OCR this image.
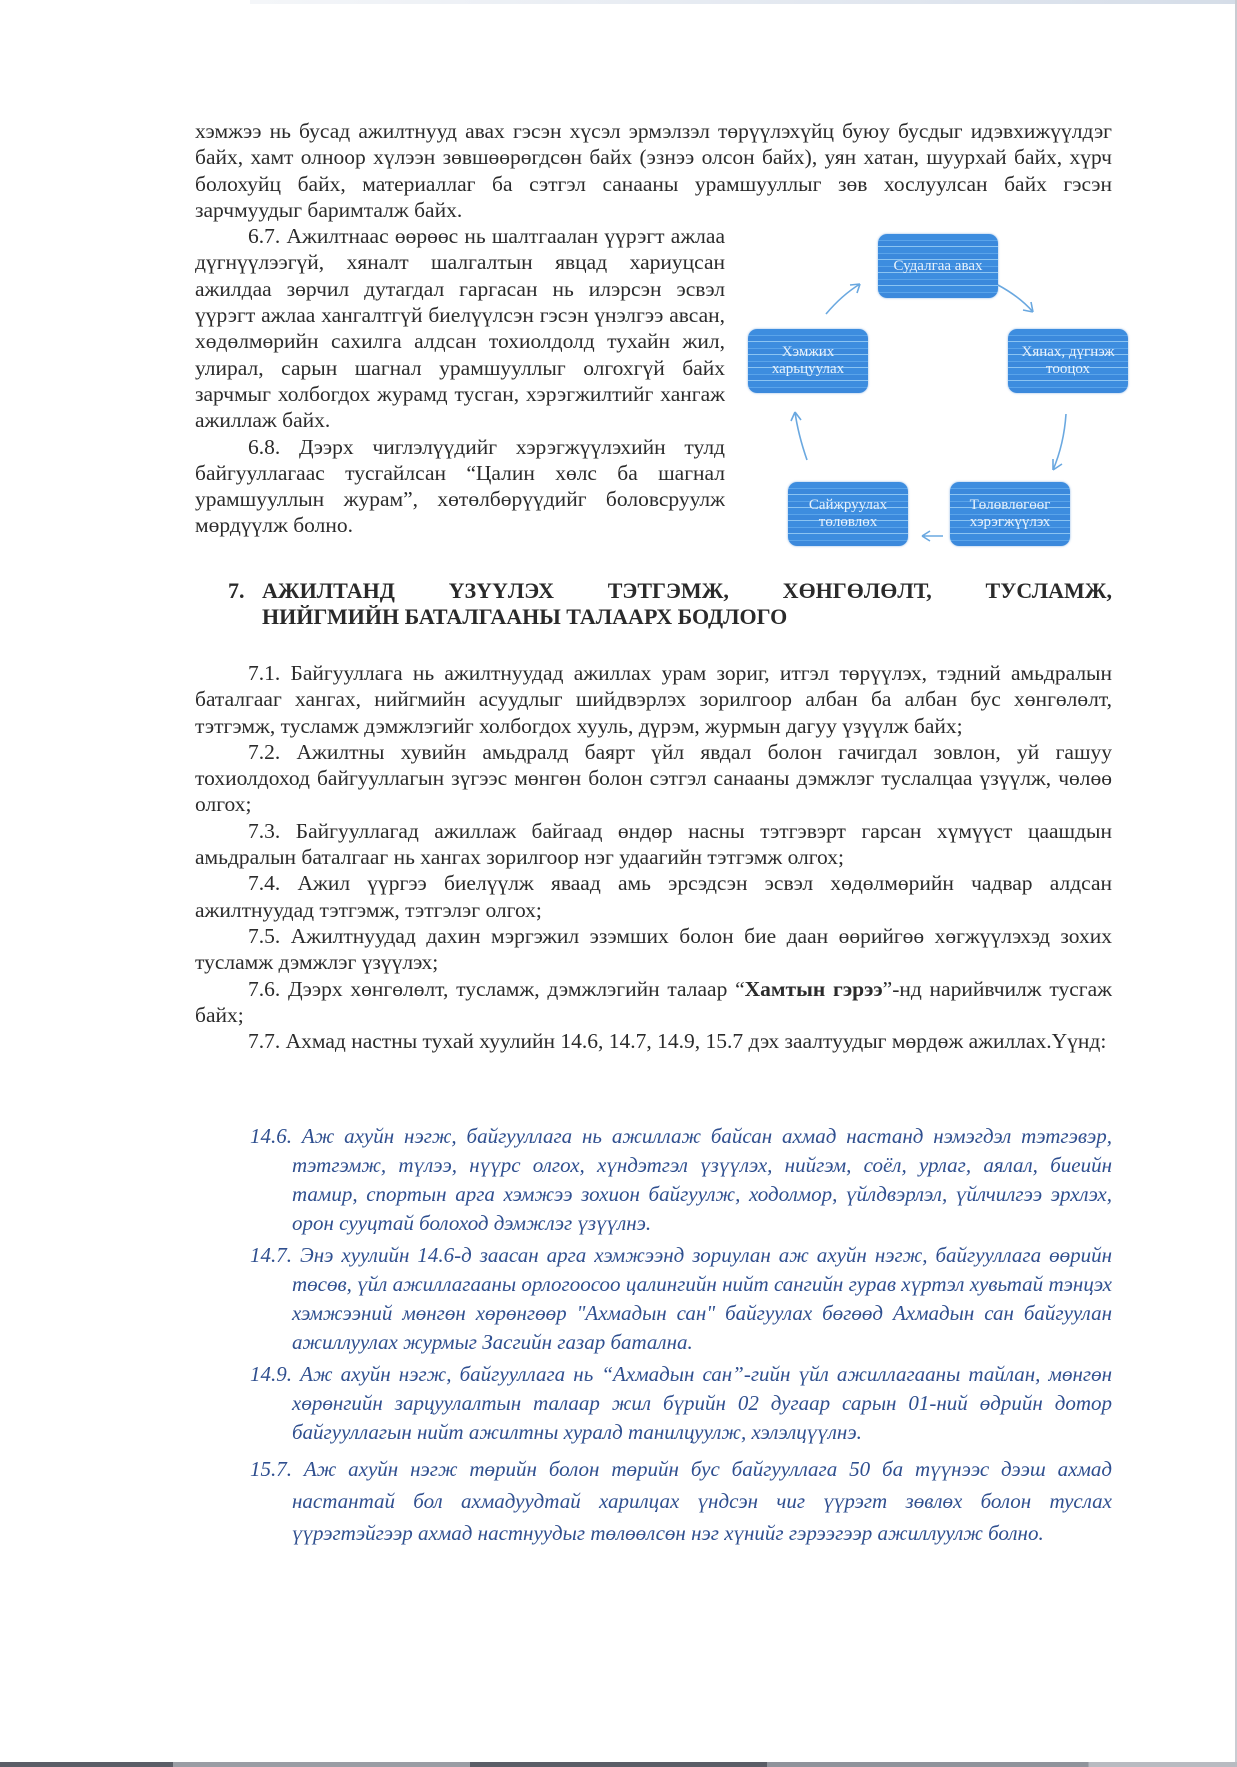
хэмжээ нь бусад ажилтнууд авах гэсэн хүсэл эрмэлзэл төрүүлэхүйц буюу бусдыг идэвхижүүлдэг байх, хамт олноор хүлээн зөвшөөрөгдсөн байх (эзнээ олсон байх), уян хатан, шуурхай байх, хүрч болохуйц байх, материаллаг ба сэтгэл санааны урамшууллыг зөв хослуулсан байх гэсэн зарчмуудыг баримталж байх.

6.7. Ажилтнаас өөрөөс нь шалтгаалан үүрэгт ажлаа дүгнүүлээгүй, хяналт шалгалтын явцад хариуцсан ажилдаа зөрчил дутагдал гаргасан нь илэрсэн эсвэл үүрэгт ажлаа хангалтгүй биелүүлсэн гэсэн үнэлгээ авсан, хөдөлмөрийн сахилга алдсан тохиолдолд тухайн жил, улирал, сарын шагнал урамшууллыг олгохгүй байх зарчмыг холбогдох журамд тусган, хэрэгжилтийг хангаж ажиллаж байх.

6.8. Дээрх чиглэлүүдийг хэрэгжүүлэхийн тулд байгууллагаас тусгайлсан “Цалин хөлс ба шагнал урамшууллын журам”, хөтөлбөрүүдийг боловсруулж мөрдүүлж болно.

Судалгаа авах
Хянах, дүгнэж тооцох
Төлөвлөгөөг хэрэгжүүлэх
Сайжруулах төлөвлөх
Хэмжих харьцуулах
7. АЖИЛТАНД ҮЗҮҮЛЭХ ТЭТГЭМЖ, ХӨНГӨЛӨЛТ, ТУСЛАМЖ,
НИЙГМИЙН БАТАЛГААНЫ ТАЛААРХ БОДЛОГО

7.1. Байгууллага нь ажилтнуудад ажиллах урам зориг, итгэл төрүүлэх, тэдний амьдралын баталгааг хангах, нийгмийн асуудлыг шийдвэрлэх зорилгоор албан ба албан бус хөнгөлөлт, тэтгэмж, тусламж дэмжлэгийг холбогдох хууль, дүрэм, журмын дагуу үзүүлж байх;

7.2. Ажилтны хувийн амьдралд баярт үйл явдал болон гачигдал зовлон, уй гашуу тохиолдоход байгууллагын зүгээс мөнгөн болон сэтгэл санааны дэмжлэг туслалцаа үзүүлж, чөлөө олгох;

7.3. Байгууллагад ажиллаж байгаад өндөр насны тэтгэвэрт гарсан хүмүүст цаашдын амьдралын баталгааг нь хангах зорилгоор нэг удаагийн тэтгэмж олгох;

7.4. Ажил үүргээ биелүүлж яваад амь эрсэдсэн эсвэл хөдөлмөрийн чадвар алдсан ажилтнуудад тэтгэмж, тэтгэлэг олгох;

7.5. Ажилтнуудад дахин мэргэжил эзэмших болон бие даан өөрийгөө хөгжүүлэхэд зохих тусламж дэмжлэг үзүүлэх;

7.6. Дээрх хөнгөлөлт, тусламж, дэмжлэгийн талаар “Хамтын гэрээ”-нд нарийвчилж тусгаж байх;

7.7. Ахмад настны тухай хуулийн 14.6, 14.7, 14.9, 15.7 дэх заалтуудыг мөрдөж ажиллах.Үүнд:

14.6. Аж ахуйн нэгж, байгууллага нь ажиллаж байсан ахмад настанд нэмэгдэл тэтгэвэр, тэтгэмж, түлээ, нүүрс олгох, хүндэтгэл үзүүлэх, нийгэм, соёл, урлаг, аялал, биеийн тамир, спортын арга хэмжээ зохион байгуулж, ходолмор, үйлдвэрлэл, үйлчилгээ эрхлэх, орон сууцтай болоход дэмжлэг үзүүлнэ.

14.7. Энэ хуулийн 14.6-д заасан арга хэмжээнд зориулан аж ахуйн нэгж, байгууллага өөрийн төсөв, үйл ажиллагааны орлогоосоо цалингийн нийт сангийн гурав хүртэл хувьтай тэнцэх хэмжээний мөнгөн хөрөнгөөр "Ахмадын сан" байгуулах бөгөөд Ахмадын сан байгуулан ажиллуулах журмыг Засгийн газар батална.

14.9. Аж ахуйн нэгж, байгууллага нь “Ахмадын сан”-гийн үйл ажиллагааны тайлан, мөнгөн хөрөнгийн зарцуулалтын талаар жил бүрийн 02 дугаар сарын 01-ний өдрийн дотор байгууллагын нийт ажилтны хуралд танилцуулж, хэлэлцүүлнэ.

15.7. Аж ахуйн нэгж төрийн болон төрийн бус байгууллага 50 ба түүнээс дээш ахмад настантай бол ахмадуудтай харилцах үндсэн чиг үүрэгт зөвлөх болон туслах үүрэгтэйгээр ахмад настнуудыг төлөөлсөн нэг хүнийг гэрээгээр ажиллуулж болно.
